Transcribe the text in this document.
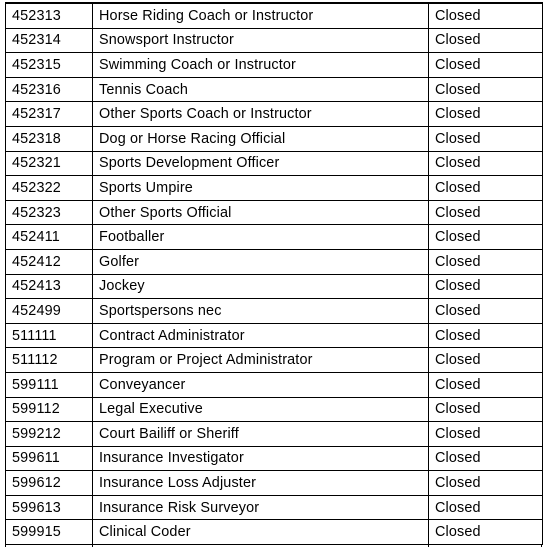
452313	Horse Riding Coach or Instructor	Closed
452314	Snowsport Instructor	Closed
452315	Swimming Coach or Instructor	Closed
452316	Tennis Coach	Closed
452317	Other Sports Coach or Instructor	Closed
452318	Dog or Horse Racing Official	Closed
452321	Sports Development Officer	Closed
452322	Sports Umpire	Closed
452323	Other Sports Official	Closed
452411	Footballer	Closed
452412	Golfer	Closed
452413	Jockey	Closed
452499	Sportspersons nec	Closed
511111	Contract Administrator	Closed
511112	Program or Project Administrator	Closed
599111	Conveyancer	Closed
599112	Legal Executive	Closed
599212	Court Bailiff or Sheriff	Closed
599611	Insurance Investigator	Closed
599612	Insurance Loss Adjuster	Closed
599613	Insurance Risk Surveyor	Closed
599915	Clinical Coder	Closed
